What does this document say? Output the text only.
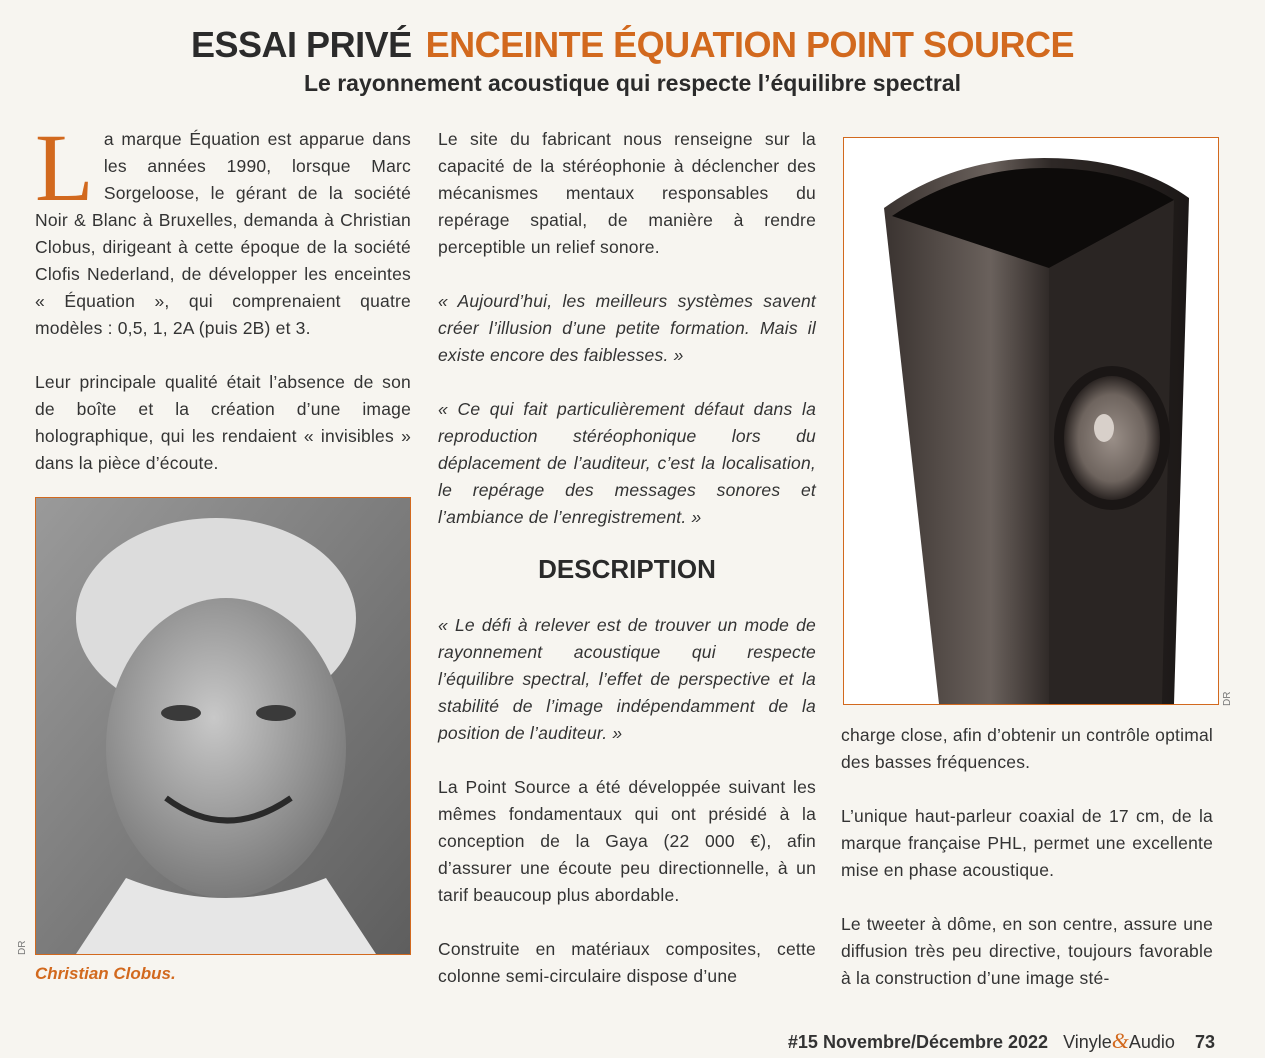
ESSAI PRIVÉ ENCEINTE ÉQUATION POINT SOURCE
Le rayonnement acoustique qui respecte l’équilibre spectral

La marque Équation est apparue dans les années 1990, lorsque Marc Sorgeloose, le gérant de la société Noir & Blanc à Bruxelles, demanda à Christian Clobus, dirigeant à cette époque de la société Clofis Nederland, de développer les enceintes « Équation », qui comprenaient quatre modèles : 0,5, 1, 2A (puis 2B) et 3.

Leur principale qualité était l’absence de son de boîte et la création d’une image holographique, qui les rendaient « invisibles » dans la pièce d’écoute.

DR
Christian Clobus.

Le site du fabricant nous renseigne sur la capacité de la stéréophonie à déclencher des mécanismes mentaux responsables du repérage spatial, de manière à rendre perceptible un relief sonore.

« Aujourd’hui, les meilleurs systèmes savent créer l’illusion d’une petite formation. Mais il existe encore des faiblesses. »

« Ce qui fait particulièrement défaut dans la reproduction stéréophonique lors du déplacement de l’auditeur, c’est la localisation, le repérage des messages sonores et l’ambiance de l’enregistrement. »

DESCRIPTION

« Le défi à relever est de trouver un mode de rayonnement acoustique qui respecte l’équilibre spectral, l’effet de perspective et la stabilité de l’image indépendamment de la position de l’auditeur. »

La Point Source a été développée suivant les mêmes fondamentaux qui ont présidé à la conception de la Gaya (22 000 €), afin d’assurer une écoute peu directionnelle, à un tarif beaucoup plus abordable.

Construite en matériaux composites, cette colonne semi-circulaire dispose d’une

DR

charge close, afin d’obtenir un contrôle optimal des basses fréquences.

L’unique haut-parleur coaxial de 17 cm, de la marque française PHL, permet une excellente mise en phase acoustique.

Le tweeter à dôme, en son centre, assure une diffusion très peu directive, toujours favorable à la construction d’une image sté-

#15 Novembre/Décembre 2022 Vinyle&Audio 73
